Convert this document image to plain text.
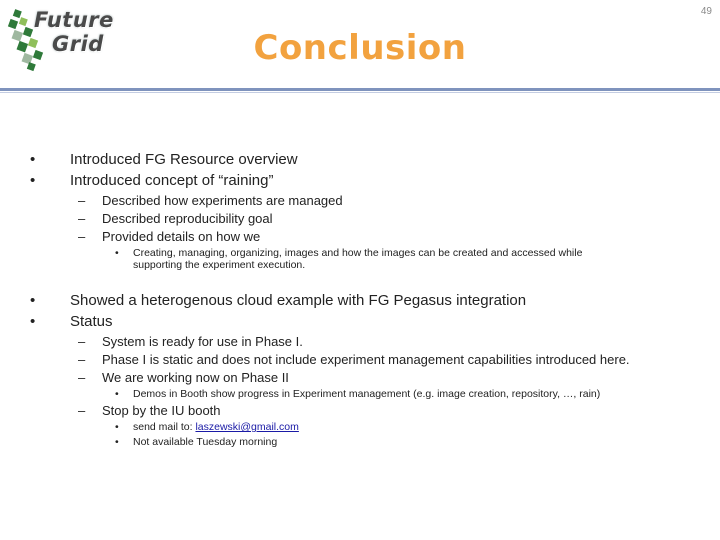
Future
Grid
49
Conclusion
• Introduced FG Resource overview
• Introduced concept of “raining”
– Described how experiments are managed
– Described reproducibility goal
– Provided details on how we
• Creating, managing, organizing, images and how the images can be created and accessed while
supporting the experiment execution.
• Showed a heterogenous cloud example with FG Pegasus integration
• Status
– System is ready for use in Phase I.
– Phase I is static and does not include experiment management capabilities introduced here.
– We are working now on Phase II
• Demos in Booth show progress in Experiment management (e.g. image creation, repository, …, rain)
– Stop by the IU booth
• send mail to: laszewski@gmail.com
• Not available Tuesday morning
